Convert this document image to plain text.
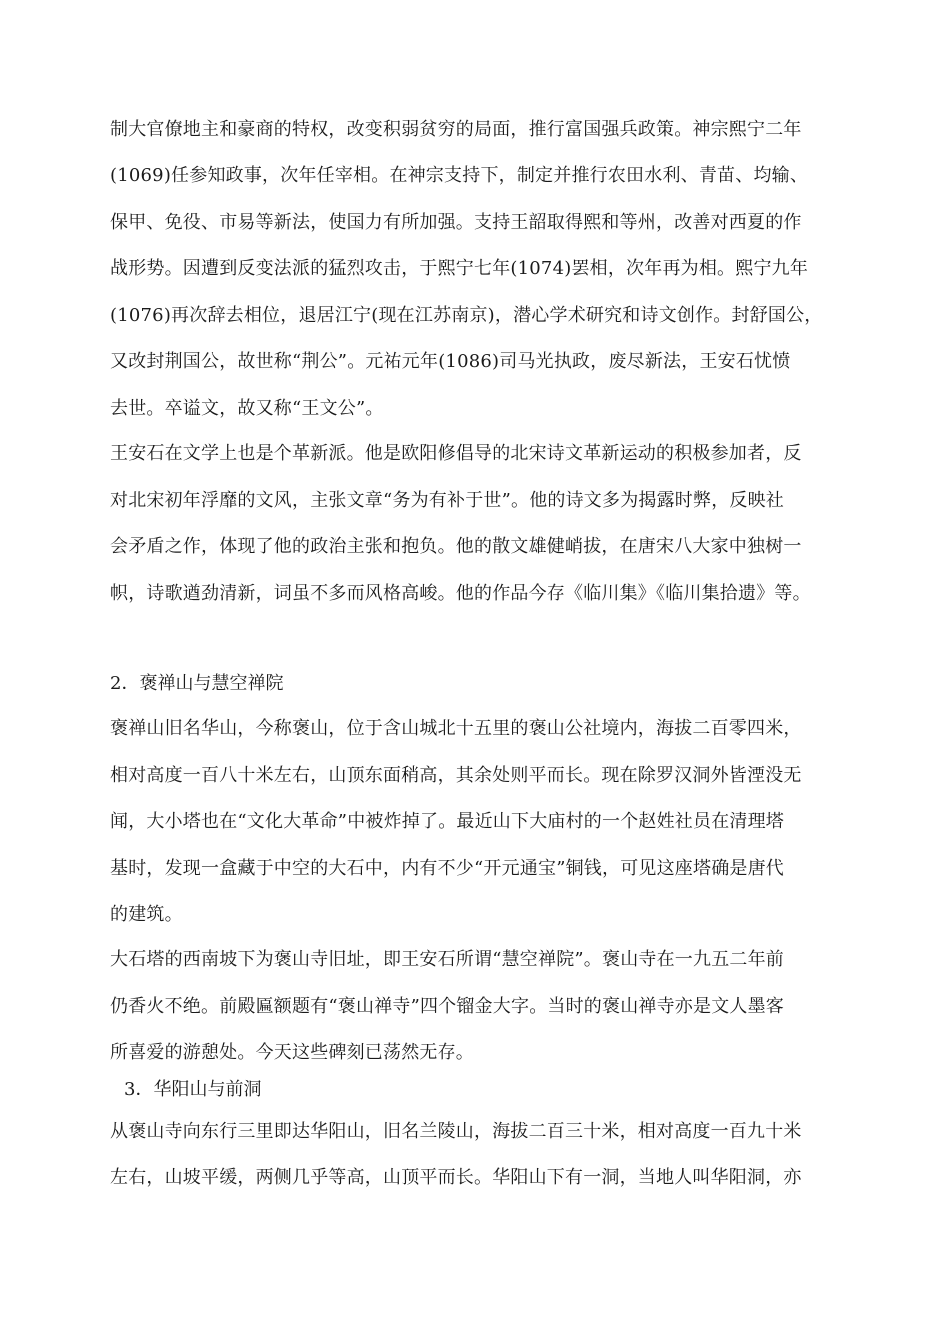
制大官僚地主和豪商的特权，改变积弱贫穷的局面，推行富国强兵政策。神宗熙宁二年
(1069)任参知政事，次年任宰相。在神宗支持下，制定并推行农田水利、青苗、均输、
保甲、免役、市易等新法，使国力有所加强。支持王韶取得熙和等州，改善对西夏的作
战形势。因遭到反变法派的猛烈攻击，于熙宁七年(1074)罢相，次年再为相。熙宁九年
(1076)再次辞去相位，退居江宁(现在江苏南京)，潜心学术研究和诗文创作。封舒国公，
又改封荆国公，故世称“荆公”。元祐元年(1086)司马光执政，废尽新法，王安石忧愤
去世。卒谥文，故又称“王文公”。
王安石在文学上也是个革新派。他是欧阳修倡导的北宋诗文革新运动的积极参加者，反
对北宋初年浮靡的文风，主张文章“务为有补于世”。他的诗文多为揭露时弊，反映社
会矛盾之作，体现了他的政治主张和抱负。他的散文雄健峭拔，在唐宋八大家中独树一
帜，诗歌遒劲清新，词虽不多而风格高峻。他的作品今存《临川集》《临川集拾遗》等。
2．褒禅山与慧空禅院
褒禅山旧名华山，今称褒山，位于含山城北十五里的褒山公社境内，海拔二百零四米，
相对高度一百八十米左右，山顶东面稍高，其余处则平而长。现在除罗汉洞外皆湮没无
闻，大小塔也在“文化大革命”中被炸掉了。最近山下大庙村的一个赵姓社员在清理塔
基时，发现一盒藏于中空的大石中，内有不少“开元通宝”铜钱，可见这座塔确是唐代
的建筑。
大石塔的西南坡下为褒山寺旧址，即王安石所谓“慧空禅院”。褒山寺在一九五二年前
仍香火不绝。前殿匾额题有“褒山禅寺”四个镏金大字。当时的褒山禅寺亦是文人墨客
所喜爱的游憩处。今天这些碑刻已荡然无存。
3．华阳山与前洞
从褒山寺向东行三里即达华阳山，旧名兰陵山，海拔二百三十米，相对高度一百九十米
左右，山坡平缓，两侧几乎等高，山顶平而长。华阳山下有一洞，当地人叫华阳洞，亦
